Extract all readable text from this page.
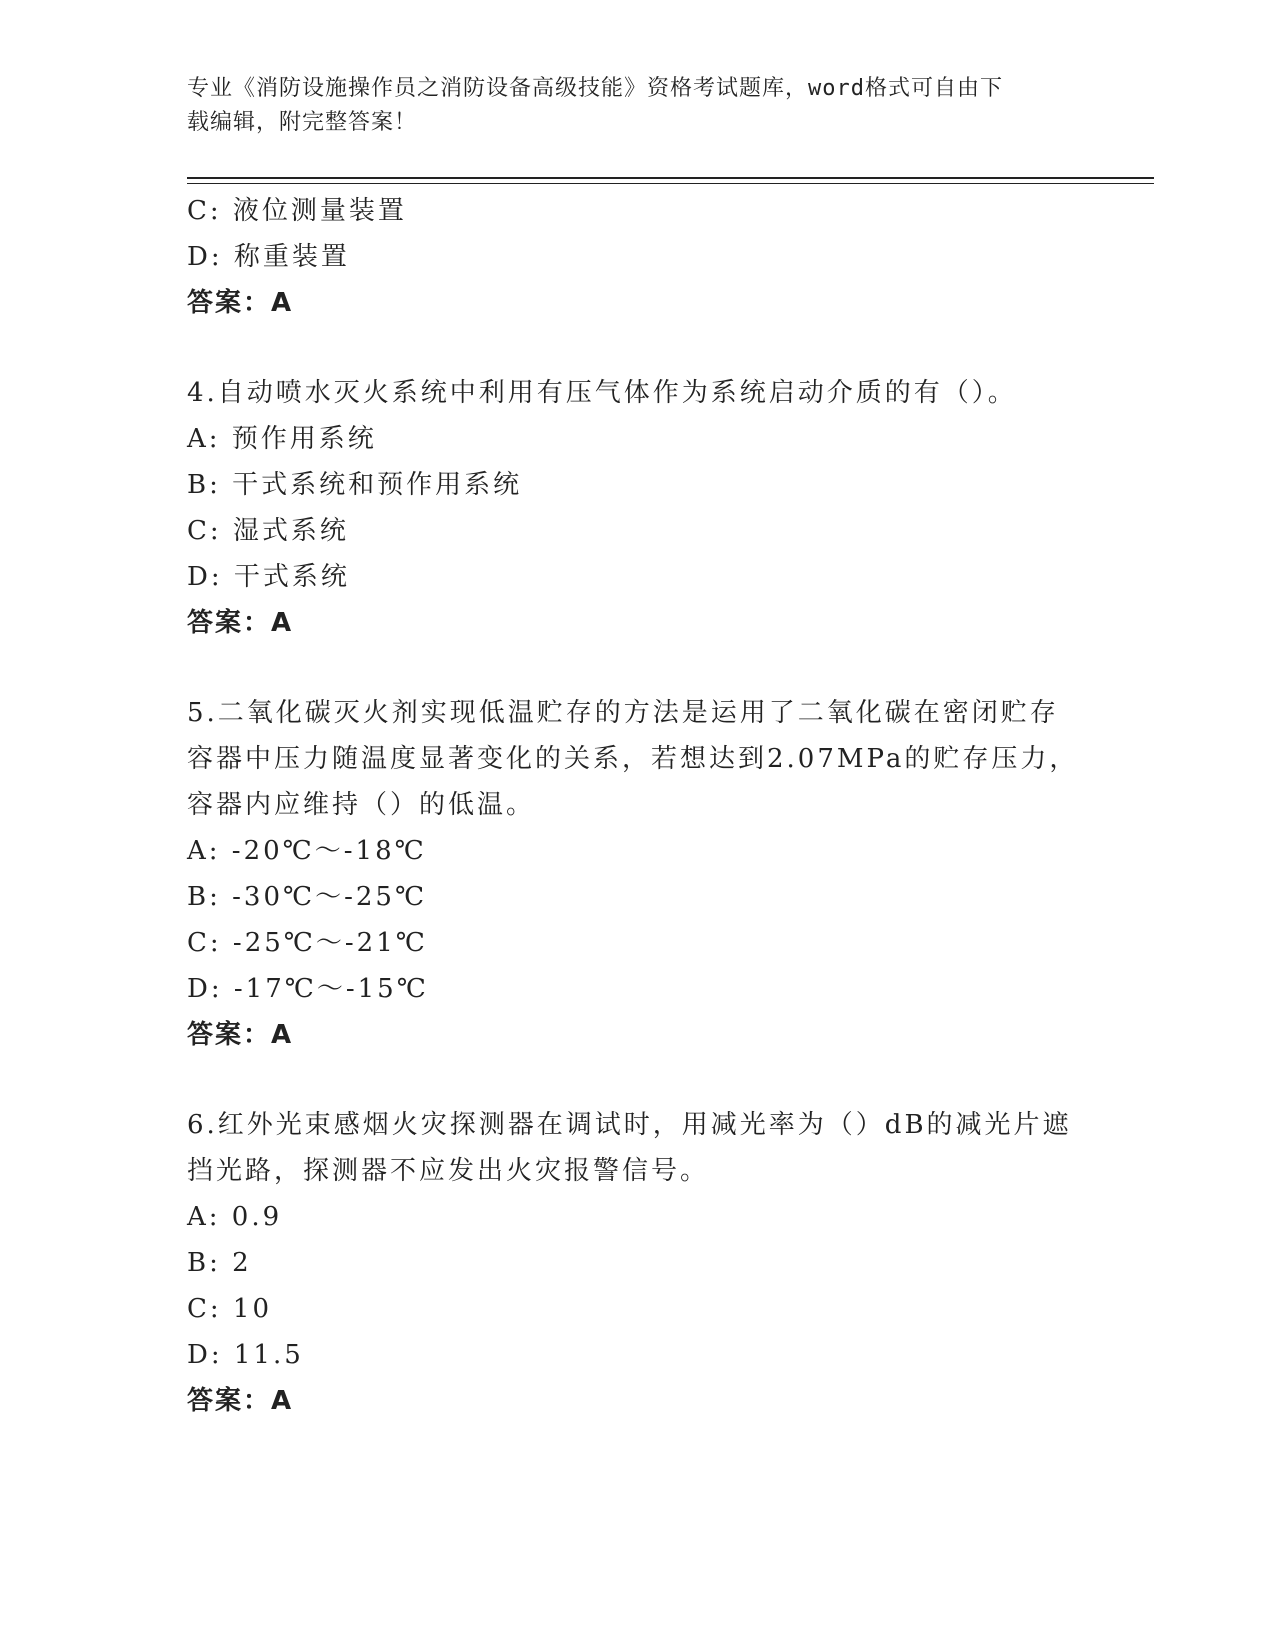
专业《消防设施操作员之消防设备高级技能》资格考试题库，word格式可自由下
载编辑，附完整答案！
C: 液位测量装置
D: 称重装置
答案：A
4.自动喷水灭火系统中利用有压气体作为系统启动介质的有（）。
A: 预作用系统
B: 干式系统和预作用系统
C: 湿式系统
D: 干式系统
答案：A
5.二氧化碳灭火剂实现低温贮存的方法是运用了二氧化碳在密闭贮存
容器中压力随温度显著变化的关系，若想达到2.07MPa的贮存压力，
容器内应维持（）的低温。
A: -20℃～-18℃
B: -30℃～-25℃
C: -25℃～-21℃
D: -17℃～-15℃
答案：A
6.红外光束感烟火灾探测器在调试时，用减光率为（）dB的减光片遮
挡光路，探测器不应发出火灾报警信号。
A: 0.9
B: 2
C: 10
D: 11.5
答案：A
